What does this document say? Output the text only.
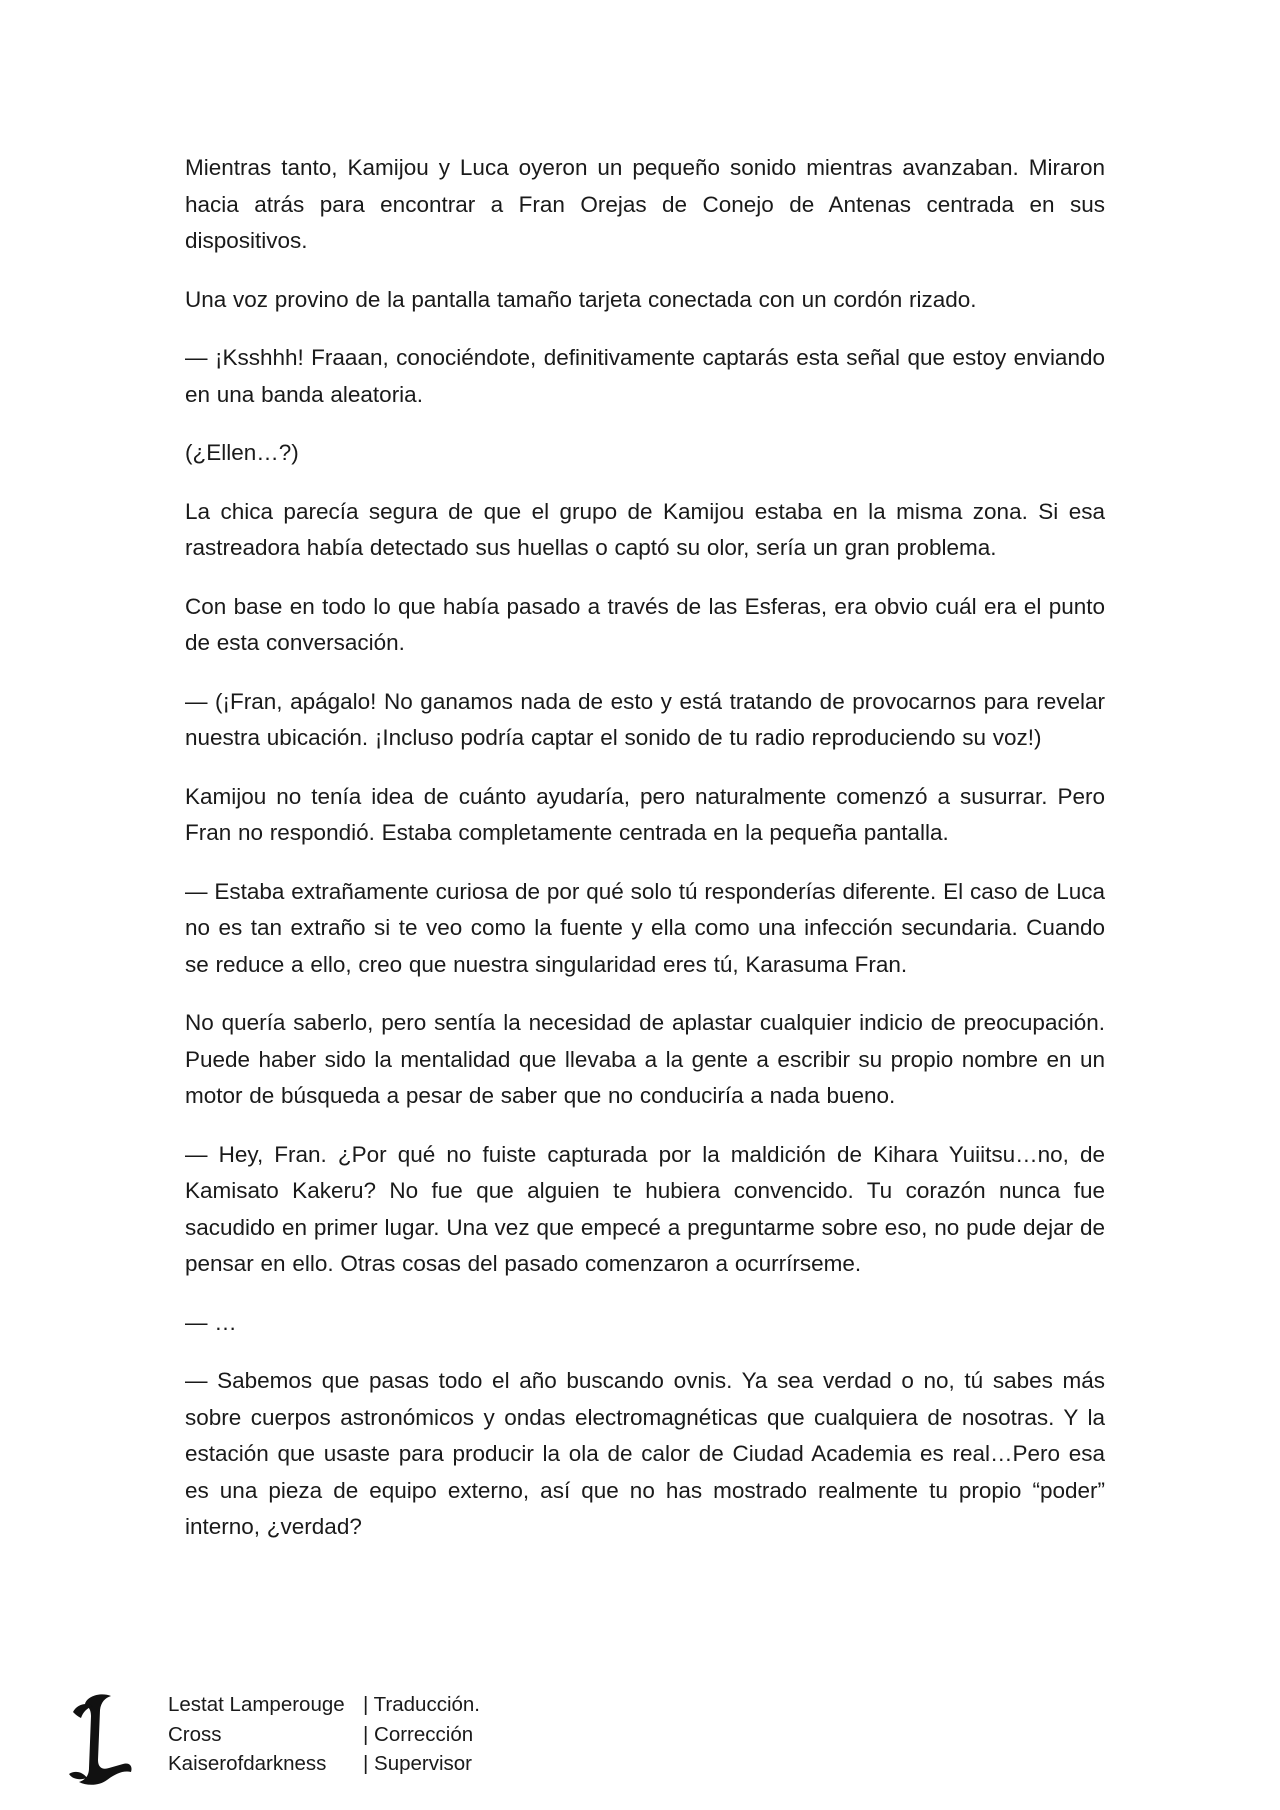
Mientras tanto, Kamijou y Luca oyeron un pequeño sonido mientras avanzaban. Miraron hacia atrás para encontrar a Fran Orejas de Conejo de Antenas centrada en sus dispositivos.

Una voz provino de la pantalla tamaño tarjeta conectada con un cordón rizado.

— ¡Ksshhh! Fraaan, conociéndote, definitivamente captarás esta señal que estoy enviando en una banda aleatoria.

(¿Ellen…?)

La chica parecía segura de que el grupo de Kamijou estaba en la misma zona. Si esa rastreadora había detectado sus huellas o captó su olor, sería un gran problema.

Con base en todo lo que había pasado a través de las Esferas, era obvio cuál era el punto de esta conversación.

— (¡Fran, apágalo! No ganamos nada de esto y está tratando de provocarnos para revelar nuestra ubicación. ¡Incluso podría captar el sonido de tu radio reproduciendo su voz!)

Kamijou no tenía idea de cuánto ayudaría, pero naturalmente comenzó a susurrar. Pero Fran no respondió. Estaba completamente centrada en la pequeña pantalla.

— Estaba extrañamente curiosa de por qué solo tú responderías diferente. El caso de Luca no es tan extraño si te veo como la fuente y ella como una infección secundaria. Cuando se reduce a ello, creo que nuestra singularidad eres tú, Karasuma Fran.

No quería saberlo, pero sentía la necesidad de aplastar cualquier indicio de preocupación. Puede haber sido la mentalidad que llevaba a la gente a escribir su propio nombre en un motor de búsqueda a pesar de saber que no conduciría a nada bueno.

— Hey, Fran. ¿Por qué no fuiste capturada por la maldición de Kihara Yuiitsu…no, de Kamisato Kakeru? No fue que alguien te hubiera convencido. Tu corazón nunca fue sacudido en primer lugar. Una vez que empecé a preguntarme sobre eso, no pude dejar de pensar en ello. Otras cosas del pasado comenzaron a ocurrírseme.

— …

— Sabemos que pasas todo el año buscando ovnis. Ya sea verdad o no, tú sabes más sobre cuerpos astronómicos y ondas electromagnéticas que cualquiera de nosotras. Y la estación que usaste para producir la ola de calor de Ciudad Academia es real…Pero esa es una pieza de equipo externo, así que no has mostrado realmente tu propio “poder” interno, ¿verdad?

Lestat Lamperouge | Traducción.
Cross	| Corrección
Kaiserofdarkness	| Supervisor
